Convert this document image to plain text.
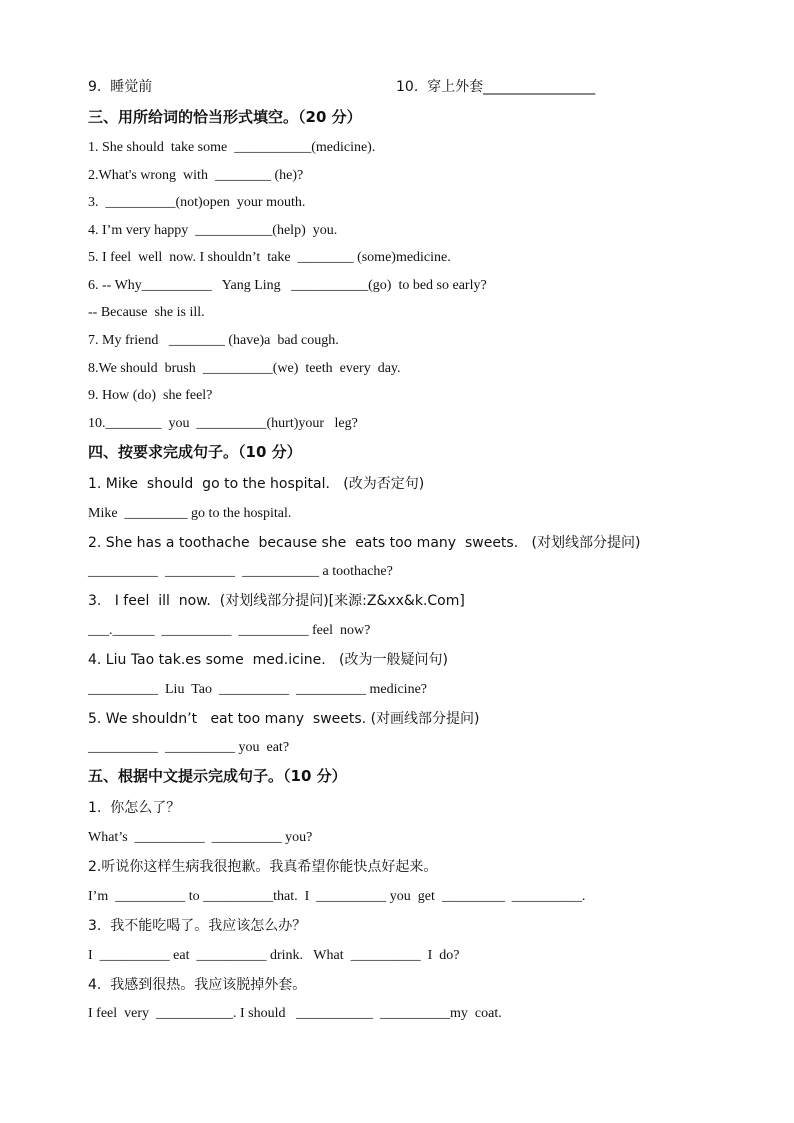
9.  睡觉前	10.  穿上外套________________
三、用所给词的恰当形式填空。（20 分）
1. She should  take some  ___________(medicine).
2.What's wrong  with  ________ (he)?
3.  __________(not)open  your mouth.
4. I’m very happy  ___________(help)  you.
5. I feel  well  now. I shouldn’t  take  ________ (some)medicine.
6. -- Why__________   Yang Ling   ___________(go)  to bed so early?
-- Because  she is ill.
7. My friend   ________ (have)a  bad cough.
8.We should  brush  __________(we)  teeth  every  day.
9. How (do)  she feel?
10.________  you  __________(hurt)your   leg?
四、按要求完成句子。（10 分）
1. Mike  should  go to the hospital.   (改为否定句)
Mike  _________ go to the hospital.
2. She has a toothache  because she  eats too many  sweets.   (对划线部分提问)
__________  __________  ___________ a toothache?
3.   I feel  ill  now.  (对划线部分提问)[来源:Z&xx&k.Com]
___.______  __________  __________ feel  now?
4. Liu Tao tak.es some  med.icine.   (改为一般疑问句)
__________  Liu  Tao  __________  __________ medicine?
5. We shouldn’t   eat too many  sweets. (对画线部分提问)
__________  __________ you  eat?
五、根据中文提示完成句子。（10 分）
1.  你怎么了？
What’s  __________  __________ you?
2.听说你这样生病我很抱歉。我真希望你能快点好起来。
I’m  __________ to __________that.  I  __________ you  get  _________  __________.
3.  我不能吃喝了。我应该怎么办？
I  __________ eat  __________ drink.   What  __________  I  do?
4.  我感到很热。我应该脱掉外套。
I feel  very  ___________. I should   ___________  __________my  coat.
